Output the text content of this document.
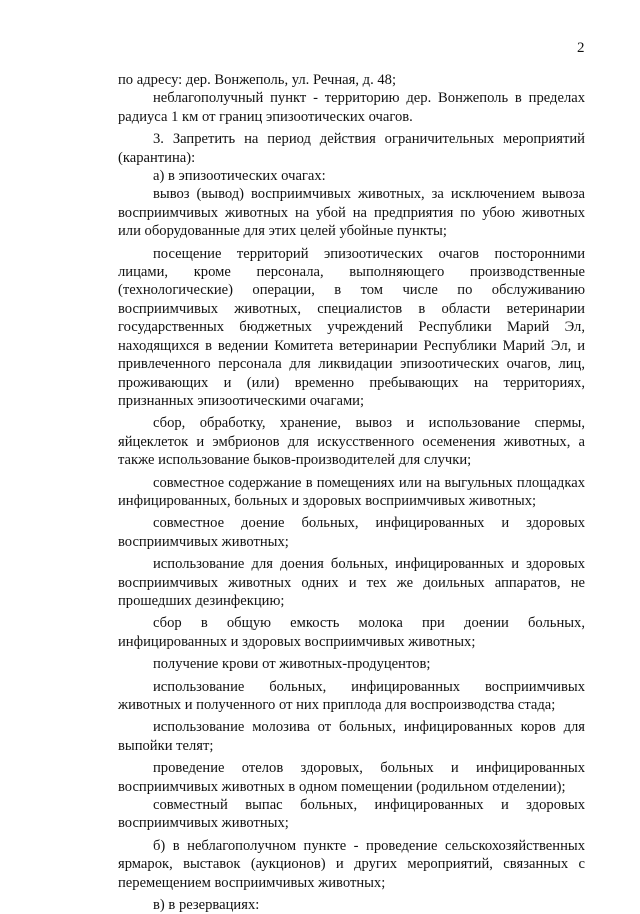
2

по адресу: дер. Вонжеполь, ул. Речная, д. 48;

неблагополучный пункт - территорию дер. Вонжеполь в пределах радиуса 1 км от границ эпизоотических очагов.

3. Запретить на период действия ограничительных мероприятий (карантина):

а) в эпизоотических очагах:

вывоз (вывод) восприимчивых животных, за исключением вывоза восприимчивых животных на убой на предприятия по убою животных или оборудованные для этих целей убойные пункты;

посещение территорий эпизоотических очагов посторонними лицами, кроме персонала, выполняющего производственные (технологические) операции, в том числе по обслуживанию восприимчивых животных, специалистов в области ветеринарии государственных бюджетных учреждений Республики Марий Эл, находящихся в ведении Комитета ветеринарии Республики Марий Эл, и привлеченного персонала для ликвидации эпизоотических очагов, лиц, проживающих и (или) временно пребывающих на территориях, признанных эпизоотическими очагами;

сбор, обработку, хранение, вывоз и использование спермы, яйцеклеток и эмбрионов для искусственного осеменения животных, а также использование быков-производителей для случки;

совместное содержание в помещениях или на выгульных площадках инфицированных, больных и здоровых восприимчивых животных;

совместное доение больных, инфицированных и здоровых восприимчивых животных;

использование для доения больных, инфицированных и здоровых восприимчивых животных одних и тех же доильных аппаратов, не прошедших дезинфекцию;

сбор в общую емкость молока при доении больных, инфицированных и здоровых восприимчивых животных;

получение крови от животных-продуцентов;

использование больных, инфицированных восприимчивых животных и полученного от них приплода для воспроизводства стада;

использование молозива от больных, инфицированных коров для выпойки телят;

проведение отелов здоровых, больных и инфицированных восприимчивых животных в одном помещении (родильном отделении);

совместный выпас больных, инфицированных и здоровых восприимчивых животных;

б) в неблагополучном пункте - проведение сельскохозяйственных ярмарок, выставок (аукционов) и других мероприятий, связанных с перемещением восприимчивых животных;

в) в резервациях:
